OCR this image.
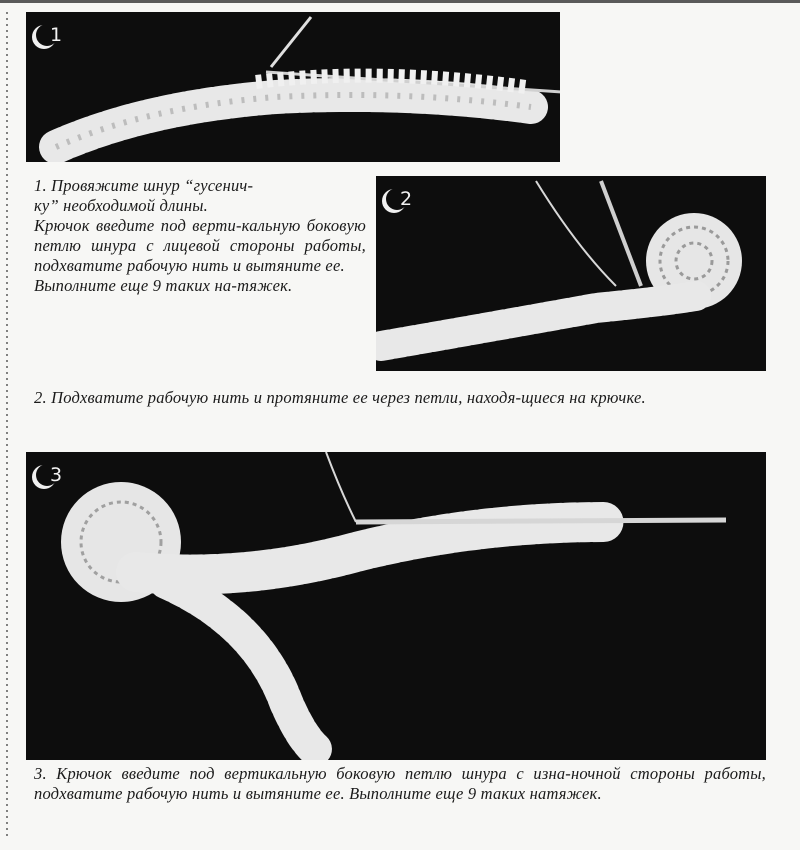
1
2
3

1. Провяжите шнур “гусенич-

ку” необходимой длины.

Крючок введите под верти-кальную боковую петлю шнура с лицевой стороны работы, подхватите рабочую нить и вытяните ее.

Выполните еще 9 таких на-тяжек.

2. Подхватите рабочую нить и протяните ее через петли, находя-щиеся на крючке.

3. Крючок введите под вертикальную боковую петлю шнура с изна-ночной стороны работы, подхватите рабочую нить и вытяните ее. Выполните еще 9 таких натяжек.
